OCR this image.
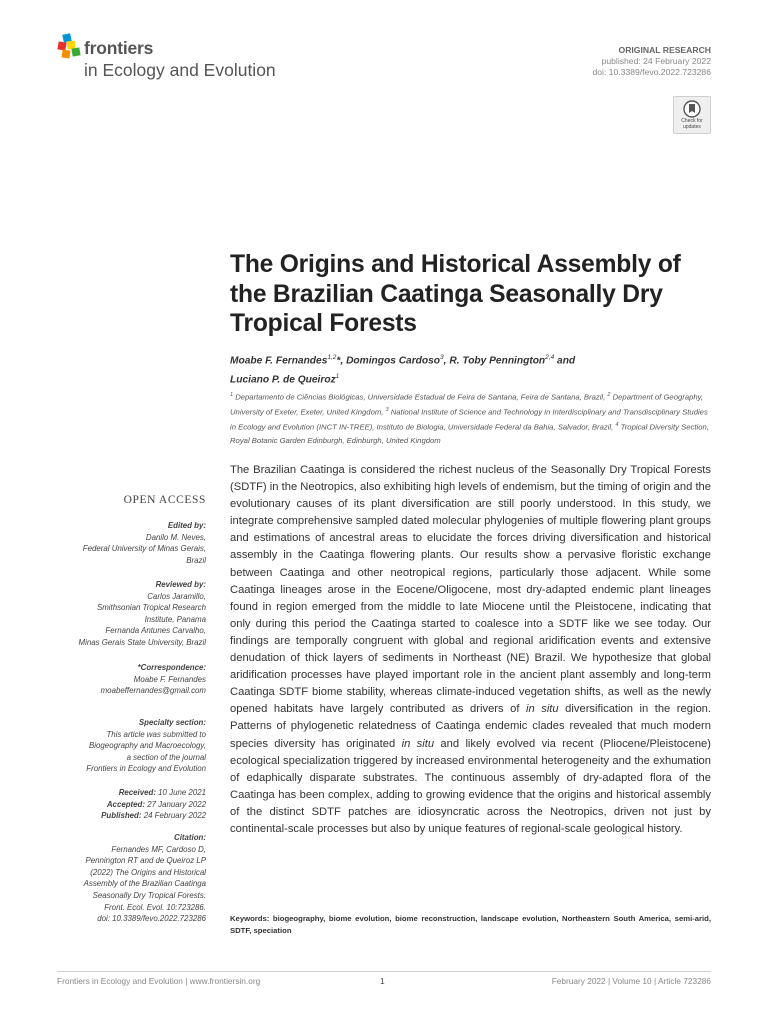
frontiers
in Ecology and Evolution
ORIGINAL RESEARCH
published: 24 February 2022
doi: 10.3389/fevo.2022.723286
Check for
updates
The Origins and Historical Assembly of the Brazilian Caatinga Seasonally Dry Tropical Forests
Moabe F. Fernandes$^{1,2}$*, Domingos Cardoso$^3$, R. Toby Pennington$^{2,4}$ and
Luciano P. de Queiroz$^1$
$^1$ Departamento de Ciências Biológicas, Universidade Estadual de Feira de Santana, Feira de Santana, Brazil, $^2$ Department of Geography, University of Exeter, Exeter, United Kingdom, $^3$ National Institute of Science and Technology in Interdisciplinary and Transdisciplinary Studies in Ecology and Evolution (INCT IN-TREE), Instituto de Biologia, Universidade Federal da Bahia, Salvador, Brazil, $^4$ Tropical Diversity Section, Royal Botanic Garden Edinburgh, Edinburgh, United Kingdom
The Brazilian Caatinga is considered the richest nucleus of the Seasonally Dry Tropical Forests (SDTF) in the Neotropics, also exhibiting high levels of endemism, but the timing of origin and the evolutionary causes of its plant diversification are still poorly understood. In this study, we integrate comprehensive sampled dated molecular phylogenies of multiple flowering plant groups and estimations of ancestral areas to elucidate the forces driving diversification and historical assembly in the Caatinga flowering plants. Our results show a pervasive floristic exchange between Caatinga and other neotropical regions, particularly those adjacent. While some Caatinga lineages arose in the Eocene/Oligocene, most dry-adapted endemic plant lineages found in region emerged from the middle to late Miocene until the Pleistocene, indicating that only during this period the Caatinga started to coalesce into a SDTF like we see today. Our findings are temporally congruent with global and regional aridification events and extensive denudation of thick layers of sediments in Northeast (NE) Brazil. We hypothesize that global aridification processes have played important role in the ancient plant assembly and long-term Caatinga SDTF biome stability, whereas climate-induced vegetation shifts, as well as the newly opened habitats have largely contributed as drivers of in situ diversification in the region. Patterns of phylogenetic relatedness of Caatinga endemic clades revealed that much modern species diversity has originated in situ and likely evolved via recent (Pliocene/Pleistocene) ecological specialization triggered by increased environmental heterogeneity and the exhumation of edaphically disparate substrates. The continuous assembly of dry-adapted flora of the Caatinga has been complex, adding to growing evidence that the origins and historical assembly of the distinct SDTF patches are idiosyncratic across the Neotropics, driven not just by continental-scale processes but also by unique features of regional-scale geological history.
Keywords: biogeography, biome evolution, biome reconstruction, landscape evolution, Northeastern South America, semi-arid, SDTF, speciation
OPEN ACCESS
Edited by:
Danilo M. Neves,
Federal University of Minas Gerais,
Brazil
Reviewed by:
Carlos Jaramillo,
Smithsonian Tropical Research
Institute, Panama
Fernanda Antunes Carvalho,
Minas Gerais State University, Brazil
*Correspondence:
Moabe F. Fernandes
moabeffernandes@gmail.com
Specialty section:
This article was submitted to
Biogeography and Macroecology,
a section of the journal
Frontiers in Ecology and Evolution
Received: 10 June 2021
Accepted: 27 January 2022
Published: 24 February 2022
Citation:
Fernandes MF, Cardoso D,
Pennington RT and de Queiroz LP
(2022) The Origins and Historical
Assembly of the Brazilian Caatinga
Seasonally Dry Tropical Forests.
Front. Ecol. Evol. 10:723286.
doi: 10.3389/fevo.2022.723286
Frontiers in Ecology and Evolution | www.frontiersin.org	1	February 2022 | Volume 10 | Article 723286
